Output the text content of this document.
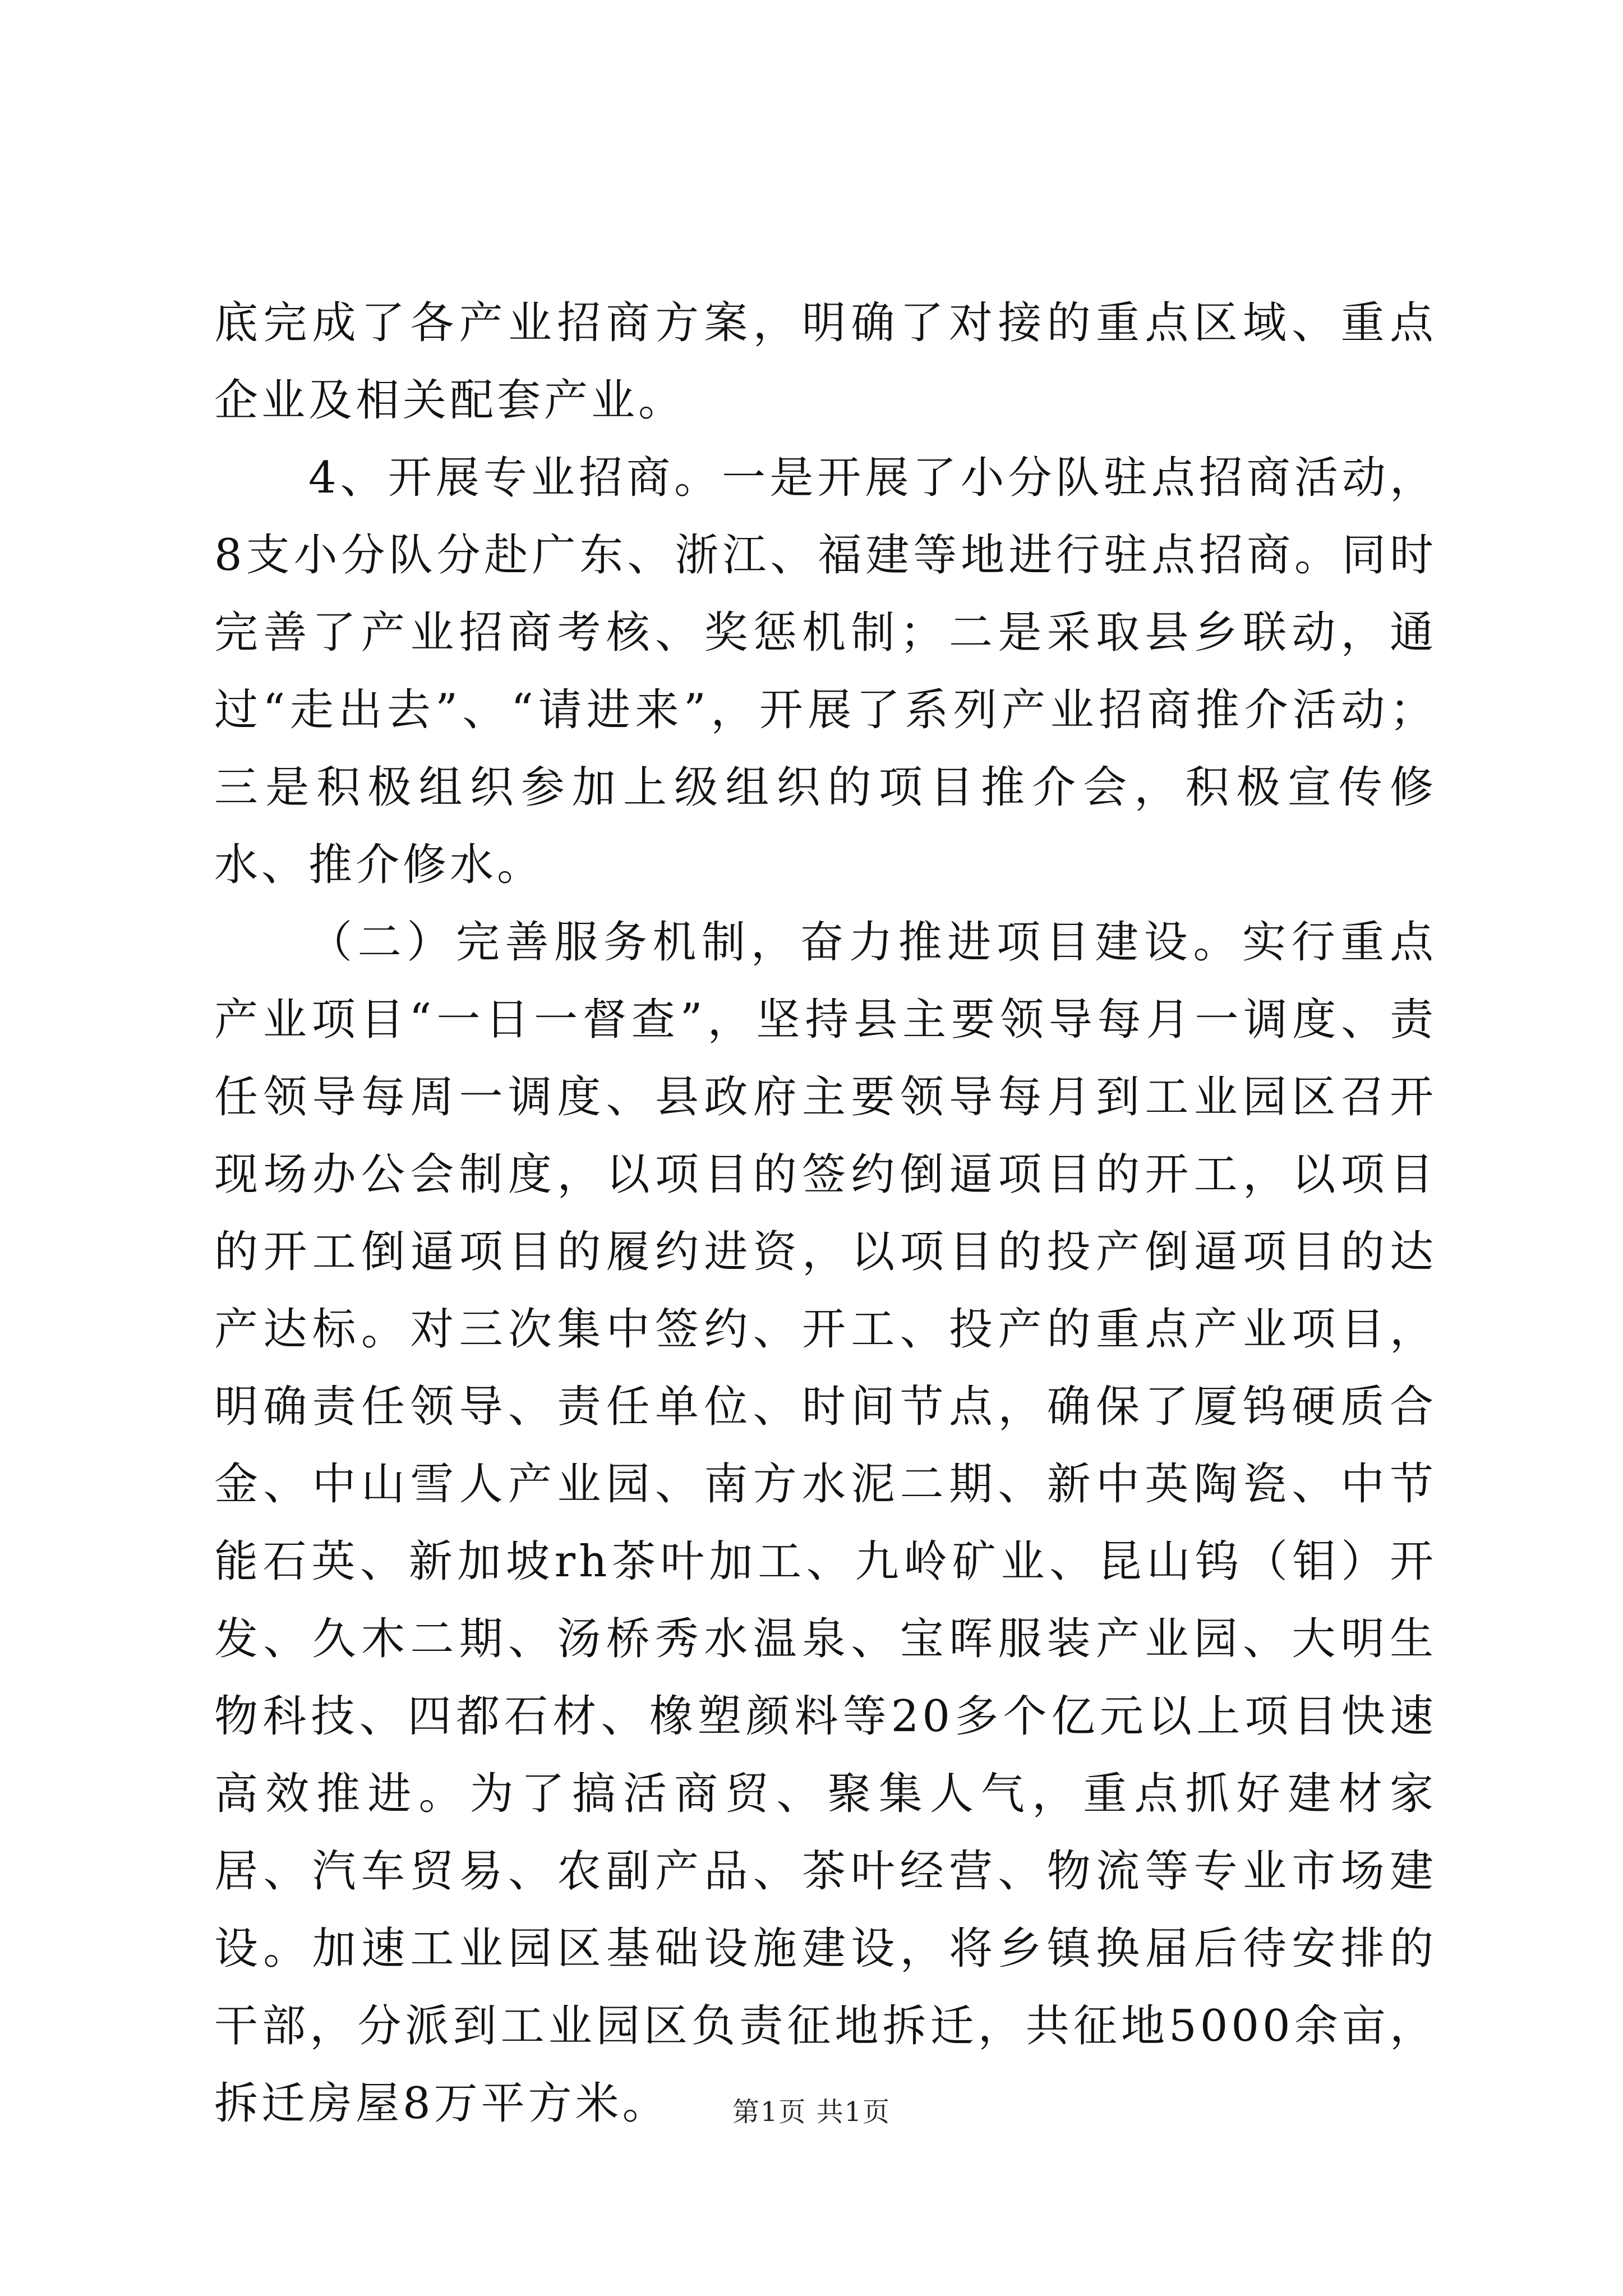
底完成了各产业招商方案，明确了对接的重点区域、重点企业及相关配套产业。

4、开展专业招商。一是开展了小分队驻点招商活动，8支小分队分赴广东、浙江、福建等地进行驻点招商。同时完善了产业招商考核、奖惩机制；二是采取县乡联动，通过“走出去”、“请进来”，开展了系列产业招商推介活动；三是积极组织参加上级组织的项目推介会，积极宣传修水、推介修水。

（二）完善服务机制，奋力推进项目建设。实行重点产业项目“一日一督查”，坚持县主要领导每月一调度、责任领导每周一调度、县政府主要领导每月到工业园区召开现场办公会制度，以项目的签约倒逼项目的开工，以项目的开工倒逼项目的履约进资，以项目的投产倒逼项目的达产达标。对三次集中签约、开工、投产的重点产业项目，明确责任领导、责任单位、时间节点，确保了厦钨硬质合金、中山雪人产业园、南方水泥二期、新中英陶瓷、中节能石英、新加坡rh茶叶加工、九岭矿业、昆山钨（钼）开发、久木二期、汤桥秀水温泉、宝晖服装产业园、大明生物科技、四都石材、橡塑颜料等20多个亿元以上项目快速高效推进。为了搞活商贸、聚集人气，重点抓好建材家居、汽车贸易、农副产品、茶叶经营、物流等专业市场建设。加速工业园区基础设施建设，将乡镇换届后待安排的干部，分派到工业园区负责征地拆迁，共征地5000余亩，拆迁房屋8万平方米。	第1页 共1页
